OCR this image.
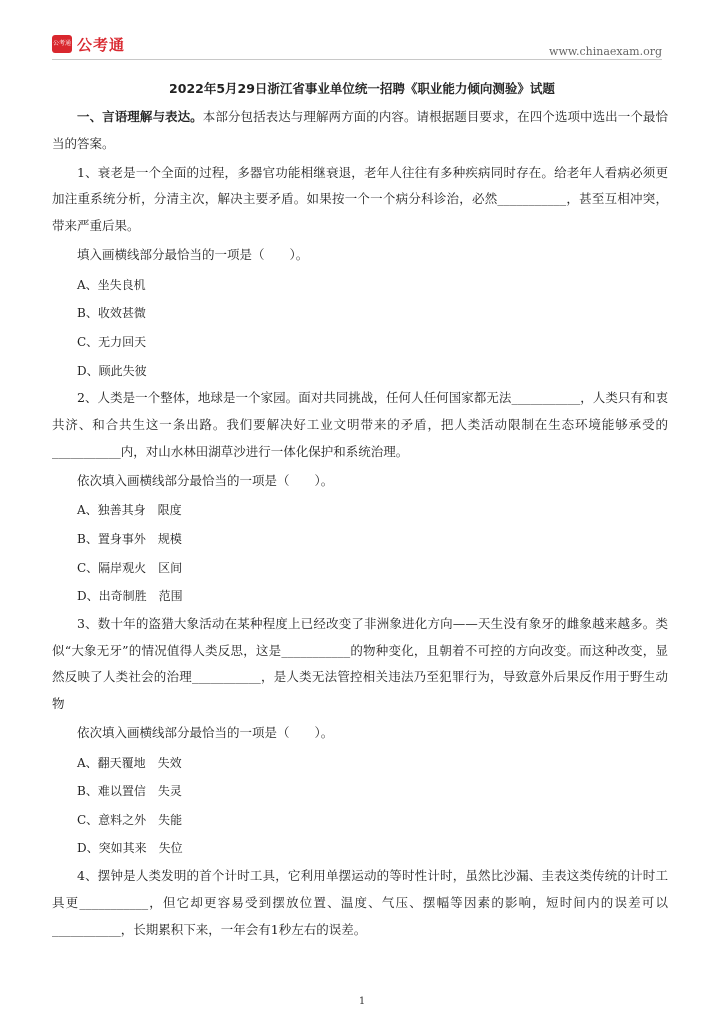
公考通 公考通	www.chinaexam.org
2022年5月29日浙江省事业单位统一招聘《职业能力倾向测验》试题

一、言语理解与表达。本部分包括表达与理解两方面的内容。请根据题目要求，在四个选项中选出一个最恰当的答案。

1、衰老是一个全面的过程，多器官功能相继衰退，老年人往往有多种疾病同时存在。给老年人看病必须更加注重系统分析，分清主次，解决主要矛盾。如果按一个一个病分科诊治，必然___________，甚至互相冲突，带来严重后果。

填入画横线部分最恰当的一项是（　　）。

A、坐失良机

B、收效甚微

C、无力回天

D、顾此失彼

2、人类是一个整体，地球是一个家园。面对共同挑战，任何人任何国家都无法___________，人类只有和衷共济、和合共生这一条出路。我们要解决好工业文明带来的矛盾，把人类活动限制在生态环境能够承受的___________内，对山水林田湖草沙进行一体化保护和系统治理。

依次填入画横线部分最恰当的一项是（　　）。

A、独善其身　限度

B、置身事外　规模

C、隔岸观火　区间

D、出奇制胜　范围

3、数十年的盗猎大象活动在某种程度上已经改变了非洲象进化方向——天生没有象牙的雌象越来越多。类似“大象无牙”的情况值得人类反思，这是___________的物种变化，且朝着不可控的方向改变。而这种改变，显然反映了人类社会的治理___________，是人类无法管控相关违法乃至犯罪行为，导致意外后果反作用于野生动物

依次填入画横线部分最恰当的一项是（　　）。

A、翻天覆地　失效

B、难以置信　失灵

C、意料之外　失能

D、突如其来　失位

4、摆钟是人类发明的首个计时工具，它利用单摆运动的等时性计时，虽然比沙漏、圭表这类传统的计时工具更___________，但它却更容易受到摆放位置、温度、气压、摆幅等因素的影响，短时间内的误差可以___________，长期累积下来，一年会有1秒左右的误差。

1
